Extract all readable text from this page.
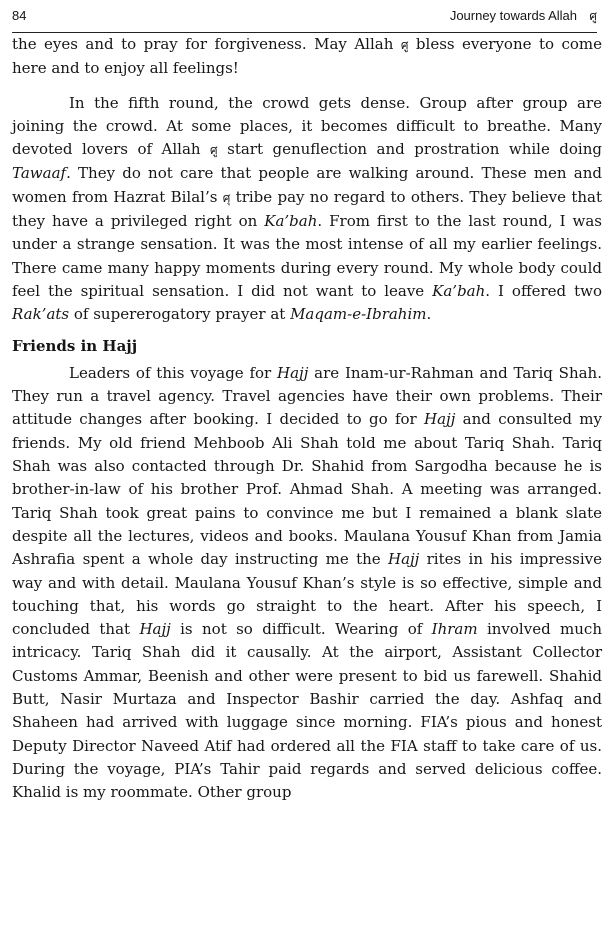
84	Journey towards Allah ศู

the eyes and to pray for forgiveness. May Allah ศู bless everyone to come here and to enjoy all feelings!

In the fifth round, the crowd gets dense. Group after group are joining the crowd. At some places, it becomes difficult to breathe. Many devoted lovers of Allah ศู start genuflection and prostration while doing Tawaaf. They do not care that people are walking around. These men and women from Hazrat Bilal’s ศุ tribe pay no regard to others. They believe that they have a privileged right on Ka’bah. From first to the last round, I was under a strange sensation. It was the most intense of all my earlier feelings. There came many happy moments during every round. My whole body could feel the spiritual sensation. I did not want to leave Ka’bah. I offered two Rak’ats of supererogatory prayer at Maqam-e-Ibrahim.

Friends in Hajj

Leaders of this voyage for Hajj are Inam-ur-Rahman and Tariq Shah. They run a travel agency. Travel agencies have their own problems. Their attitude changes after booking. I decided to go for Hajj and consulted my friends. My old friend Mehboob Ali Shah told me about Tariq Shah. Tariq Shah was also contacted through Dr. Shahid from Sargodha because he is brother-in-law of his brother Prof. Ahmad Shah. A meeting was arranged. Tariq Shah took great pains to convince me but I remained a blank slate despite all the lectures, videos and books. Maulana Yousuf Khan from Jamia Ashrafia spent a whole day instructing me the Hajj rites in his impressive way and with detail. Maulana Yousuf Khan’s style is so effective, simple and touching that, his words go straight to the heart. After his speech, I concluded that Hajj is not so difficult. Wearing of Ihram involved much intricacy. Tariq Shah did it causally. At the airport, Assistant Collector Customs Ammar, Beenish and other were present to bid us farewell. Shahid Butt, Nasir Murtaza and Inspector Bashir carried the day. Ashfaq and Shaheen had arrived with luggage since morning. FIA’s pious and honest Deputy Director Naveed Atif had ordered all the FIA staff to take care of us. During the voyage, PIA’s Tahir paid regards and served delicious coffee. Khalid is my roommate. Other group
